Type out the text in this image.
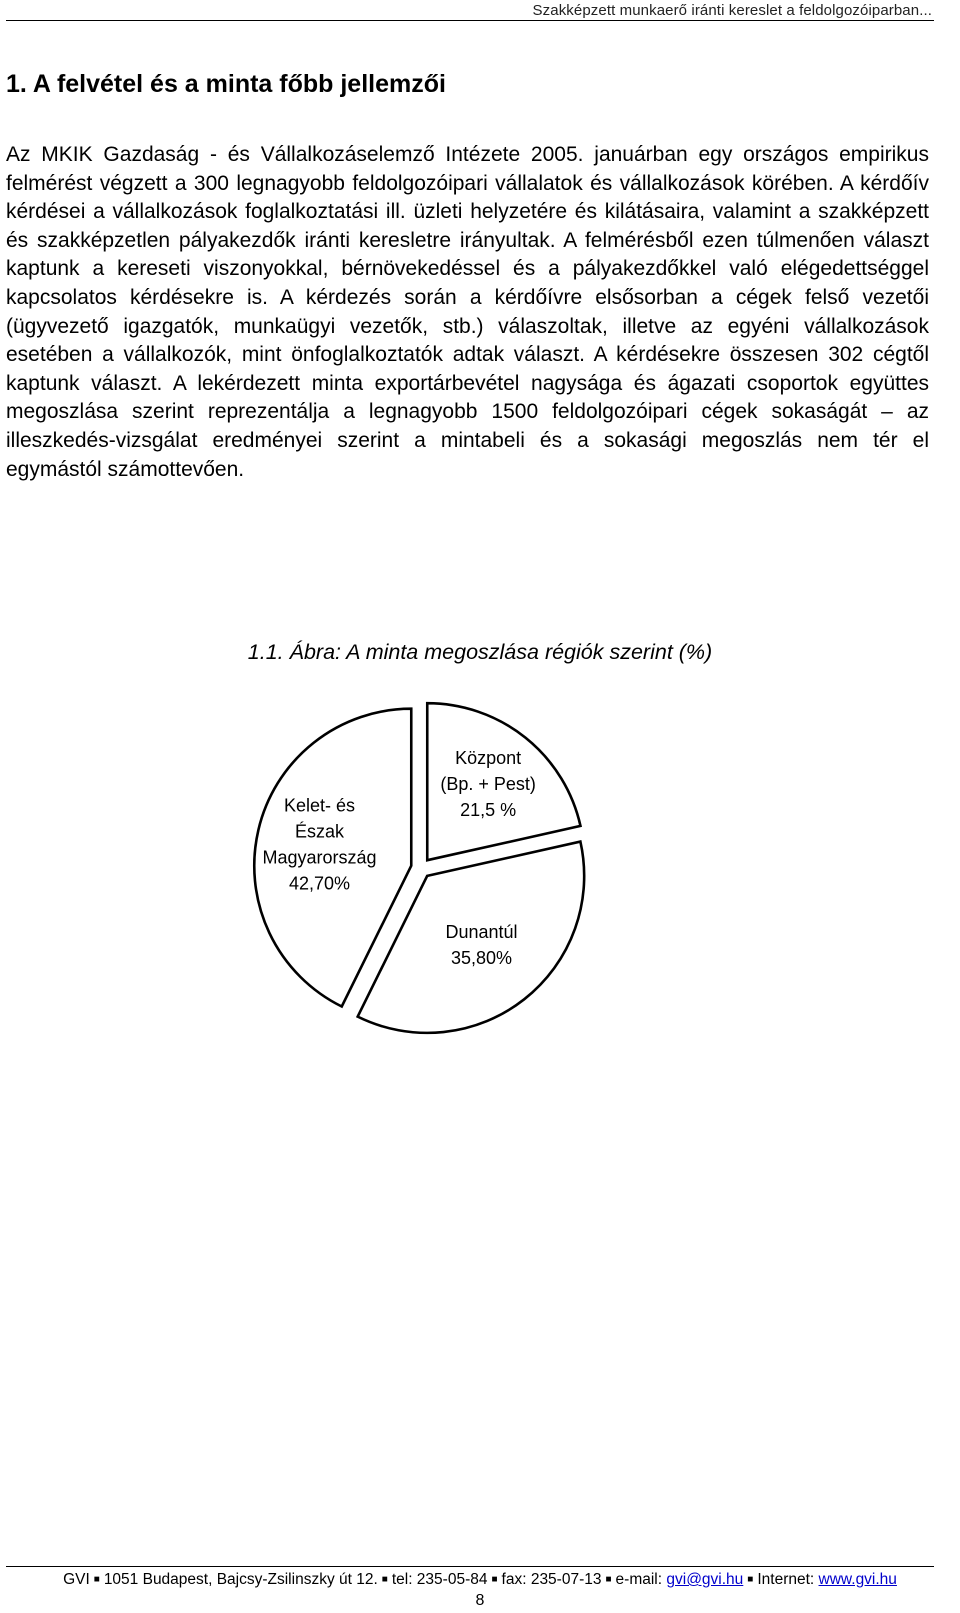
Szakképzett munkaerő iránti kereslet a feldolgozóiparban...
1. A felvétel és a minta főbb jellemzői

Az MKIK Gazdaság - és Vállalkozáselemző Intézete 2005. januárban egy országos empirikus felmérést végzett a 300 legnagyobb feldolgozóipari vállalatok és vállalkozások körében. A kérdőív kérdései a vállalkozások foglalkoztatási ill. üzleti helyzetére és kilátásaira, valamint a szakképzett és szakképzetlen pályakezdők iránti keresletre irányultak. A felmérésből ezen túlmenően választ kaptunk a kereseti viszonyokkal, bérnövekedéssel és a pályakezdőkkel való elégedettséggel kapcsolatos kérdésekre is. A kérdezés során a kérdőívre elsősorban a cégek felső vezetői (ügyvezető igazgatók, munkaügyi vezetők, stb.) válaszoltak, illetve az egyéni vállalkozások esetében a vállalkozók, mint önfoglalkoztatók adtak választ. A kérdésekre összesen 302 cégtől kaptunk választ. A lekérdezett minta exportárbevétel nagysága és ágazati csoportok együttes megoszlása szerint reprezentálja a legnagyobb 1500 feldolgozóipari cégek sokaságát – az illeszkedés-vizsgálat eredményei szerint a mintabeli és a sokasági megoszlás nem tér el egymástól számottevően.

1.1. Ábra: A minta megoszlása régiók szerint (%)

Központ (Bp. + Pest) 21,5 %
Dunantúl 35,80%
Kelet- és Észak Magyarország 42,70%
GVI ■ 1051 Budapest, Bajcsy-Zsilinszky út 12. ■ tel: 235-05-84 ■ fax: 235-07-13 ■ e-mail: gvi@gvi.hu ■ Internet: www.gvi.hu
8
